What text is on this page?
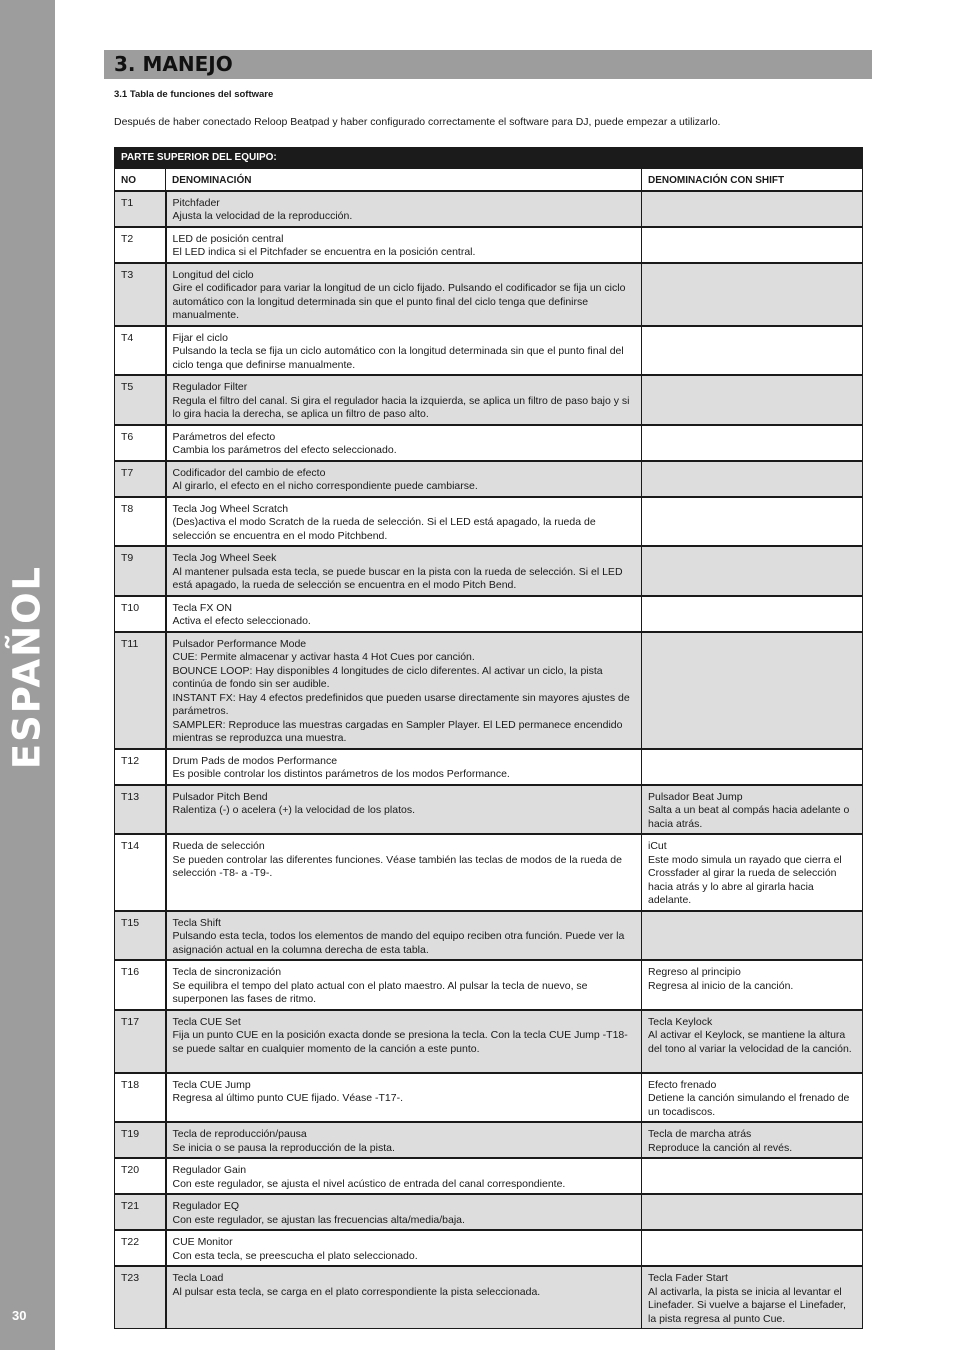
ESPAÑOL
30
3. MANEJO
3.1 Tabla de funciones del software
Después de haber conectado Reloop Beatpad y haber configurado correctamente el software para DJ, puede empezar a utilizarlo.
PARTE SUPERIOR DEL EQUIPO:		
NO	DENOMINACIÓN	DENOMINACIÓN CON SHIFT
T1	Pitchfader
Ajusta la velocidad de la reproducción.	

T2	LED de posición central
El LED indica si el Pitchfader se encuentra en la posición central.	

T3	Longitud del ciclo
Gire el codificador para variar la longitud de un ciclo fijado. Pulsando el codificador se fija un ciclo automático con la longitud determinada sin que el punto final del ciclo tenga que definirse manualmente.	

T4	Fijar el ciclo
Pulsando la tecla se fija un ciclo automático con la longitud determinada sin que el punto final del ciclo tenga que definirse manualmente.	

T5	Regulador Filter
Regula el filtro del canal. Si gira el regulador hacia la izquierda, se aplica un filtro de paso bajo y si lo gira hacia la derecha, se aplica un filtro de paso alto.	

T6	Parámetros del efecto
Cambia los parámetros del efecto seleccionado.	

T7	Codificador del cambio de efecto
Al girarlo, el efecto en el nicho correspondiente puede cambiarse.	

T8	Tecla Jog Wheel Scratch
(Des)activa el modo Scratch de la rueda de selección. Si el LED está apagado, la rueda de selección se encuentra en el modo Pitchbend.	

T9	Tecla Jog Wheel Seek
Al mantener pulsada esta tecla, se puede buscar en la pista con la rueda de selección. Si el LED está apagado, la rueda de selección se encuentra en el modo Pitch Bend.	

T10	Tecla FX ON
Activa el efecto seleccionado.	

T11	Pulsador Performance Mode
CUE: Permite almacenar y activar hasta 4 Hot Cues por canción.
BOUNCE LOOP: Hay disponibles 4 longitudes de ciclo diferentes. Al activar un ciclo, la pista continúa de fondo sin ser audible.
INSTANT FX: Hay 4 efectos predefinidos que pueden usarse directamente sin mayores ajustes de parámetros.
SAMPLER: Reproduce las muestras cargadas en Sampler Player. El LED permanece encendido mientras se reproduzca una muestra.	

T12	Drum Pads de modos Performance
Es posible controlar los distintos parámetros de los modos Performance.	

T13	Pulsador Pitch Bend
Ralentiza (-) o acelera (+) la velocidad de los platos.	Pulsador Beat Jump
Salta a un beat al compás hacia adelante o hacia atrás.

T14	Rueda de selección
Se pueden controlar las diferentes funciones. Véase también las teclas de modos de la rueda de selección -T8- a -T9-.	iCut
Este modo simula un rayado que cierra el Crossfader al girar la rueda de selección hacia atrás y lo abre al girarla hacia adelante.

T15	Tecla Shift
Pulsando esta tecla, todos los elementos de mando del equipo reciben otra función. Puede ver la asignación actual en la columna derecha de esta tabla.	

T16	Tecla de sincronización
Se equilibra el tempo del plato actual con el plato maestro. Al pulsar la tecla de nuevo, se superponen las fases de ritmo.	Regreso al principio
Regresa al inicio de la canción.

T17	Tecla CUE Set
Fija un punto CUE en la posición exacta donde se presiona la tecla. Con la tecla CUE Jump -T18- se puede saltar en cualquier momento de la canción a este punto.	Tecla Keylock
Al activar el Keylock, se mantiene la altura del tono al variar la velocidad de la canción.

T18	Tecla CUE Jump
Regresa al último punto CUE fijado. Véase -T17-.	Efecto frenado
Detiene la canción simulando el frenado de un tocadiscos.

T19	Tecla de reproducción/pausa
Se inicia o se pausa la reproducción de la pista.	Tecla de marcha atrás
Reproduce la canción al revés.

T20	Regulador Gain
Con este regulador, se ajusta el nivel acústico de entrada del canal correspondiente.	

T21	Regulador EQ
Con este regulador, se ajustan las frecuencias alta/media/baja.	

T22	CUE Monitor
Con esta tecla, se preescucha el plato seleccionado.	

T23	Tecla Load
Al pulsar esta tecla, se carga en el plato correspondiente la pista seleccionada.	Tecla Fader Start
Al activarla, la pista se inicia al levantar el Linefader. Si vuelve a bajarse el Linefader, la pista regresa al punto Cue.
